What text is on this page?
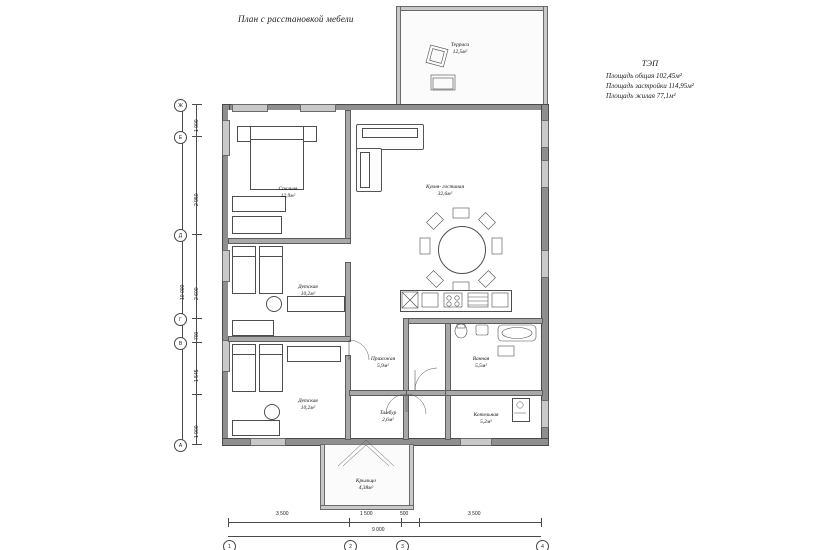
План с расстановкой мебели
ТЭП
Площадь общая 102,45м²
Площадь застройки 114,95м²
Площадь жилая 77,1м²
Терраса
12,5м²
Спальня
12,9м²
Кухня- гостиная
32,6м²
Детская
10,2м²
Детская
10,2м²
Прихожая
5,9м²
Ванная
5,5м²
Тамбур
2,6м²
Котельная
5,2м²
Крыльцо
4,38м²
1 000
2 950
2 600
700
1 545
1 900
10 000
Ж
Е
Д
Г
В
А
3 500	1 500	500	3 500
9 000
1	2	3	4
